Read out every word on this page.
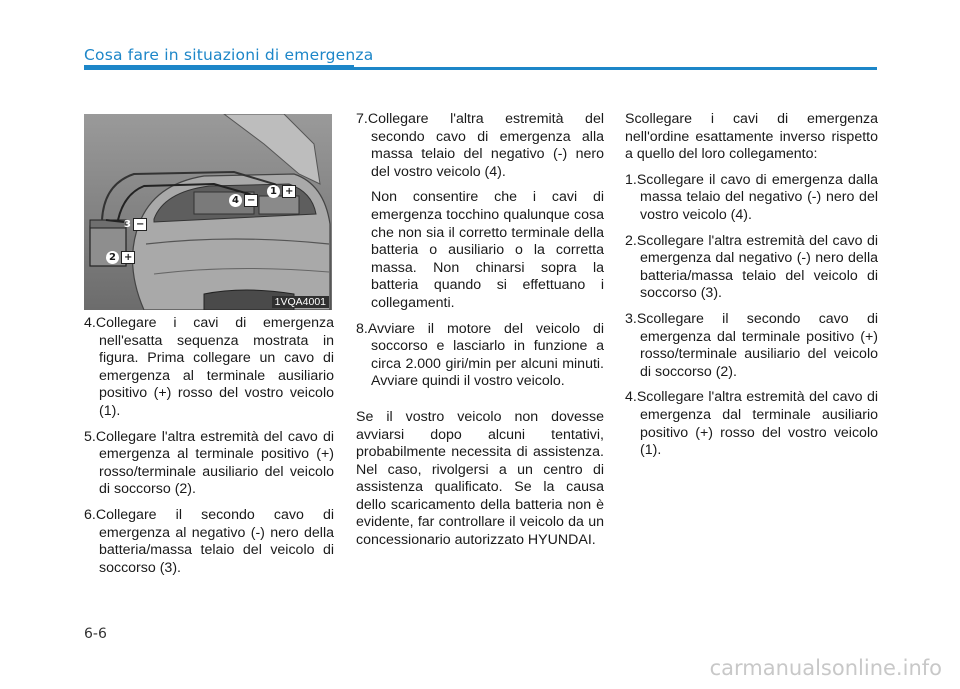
Cosa fare in situazioni di emergenza
1 +
4 −
3 −
2 +
1VQA4001

4.Collegare i cavi di emergenza nell'esatta sequenza mostrata in figura. Prima collegare un cavo di emergenza al terminale ausiliario positivo (+) rosso del vostro veicolo (1).

5.Collegare l'altra estremità del cavo di emergenza al terminale positivo (+) rosso/terminale ausiliario del veicolo di soccorso (2).

6.Collegare il secondo cavo di emergenza al negativo (-) nero della batteria/massa telaio del veicolo di soccorso (3).

7.Collegare l'altra estremità del secondo cavo di emergenza alla massa telaio del negativo (-) nero del vostro veicolo (4).

Non consentire che i cavi di emergenza tocchino qualunque cosa che non sia il corretto terminale della batteria o ausiliario o la corretta massa. Non chinarsi sopra la batteria quando si effettuano i collegamenti.

8.Avviare il motore del veicolo di soccorso e lasciarlo in funzione a circa 2.000 giri/min per alcuni minuti. Avviare quindi il vostro veicolo.

Se il vostro veicolo non dovesse avviarsi dopo alcuni tentativi, probabilmente necessita di assistenza. Nel caso, rivolgersi a un centro di assistenza qualificato. Se la causa dello scaricamento della batteria non è evidente, far controllare il veicolo da un concessionario autorizzato HYUNDAI.

Scollegare i cavi di emergenza nell'ordine esattamente inverso rispetto a quello del loro collegamento:

1.Scollegare il cavo di emergenza dalla massa telaio del negativo (-) nero del vostro veicolo (4).

2.Scollegare l'altra estremità del cavo di emergenza dal negativo (-) nero della batteria/massa telaio del veicolo di soccorso (3).

3.Scollegare il secondo cavo di emergenza dal terminale positivo (+) rosso/terminale ausiliario del veicolo di soccorso (2).

4.Scollegare l'altra estremità del cavo di emergenza dal terminale ausiliario positivo (+) rosso del vostro veicolo (1).

6-6
carmanualsonline.info
